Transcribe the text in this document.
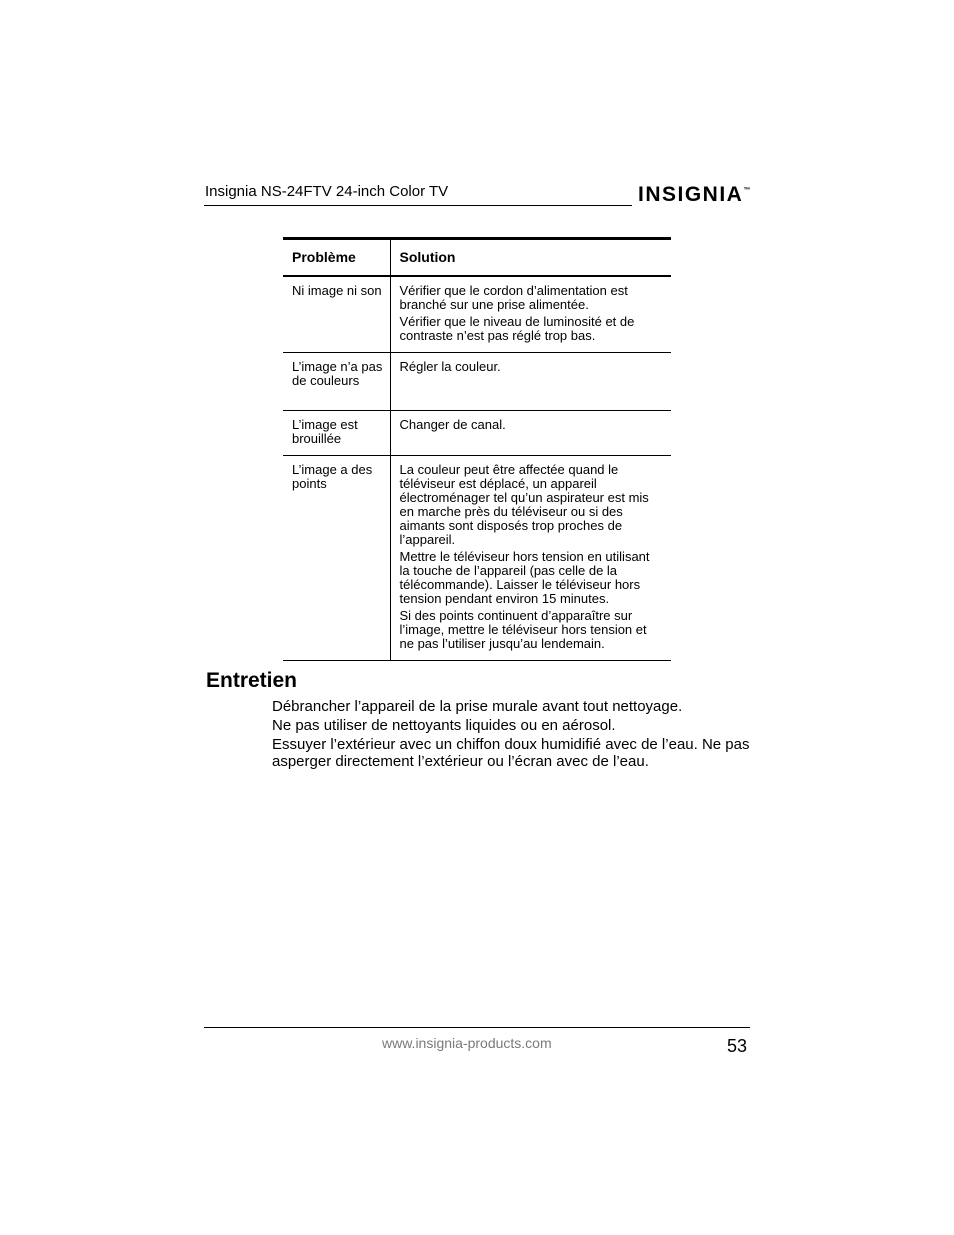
Insignia NS-24FTV 24-inch Color TV	INSIGNIA™
Problème	Solution
Ni image ni son	Vérifier que le cordon d’alimentation est branché sur une prise alimentée.

Vérifier que le niveau de luminosité et de contraste n’est pas réglé trop bas.

L’image n’a pas de couleurs	Régler la couleur.

L’image est brouillée	Changer de canal.

L’image a des points	La couleur peut être affectée quand le téléviseur est déplacé, un appareil électroménager tel qu’un aspirateur est mis en marche près du téléviseur ou si des aimants sont disposés trop proches de l’appareil.

Mettre le téléviseur hors tension en utilisant la touche de l’appareil (pas celle de la télécommande). Laisser le téléviseur hors tension pendant environ 15 minutes.

Si des points continuent d’apparaître sur l’image, mettre le téléviseur hors tension et ne pas l’utiliser jusqu’au lendemain.

Entretien

Débrancher l’appareil de la prise murale avant tout nettoyage.

Ne pas utiliser de nettoyants liquides ou en aérosol.

Essuyer l’extérieur avec un chiffon doux humidifié avec de l’eau. Ne pas asperger directement l’extérieur ou l’écran avec de l’eau.

www.insignia-products.com	53
